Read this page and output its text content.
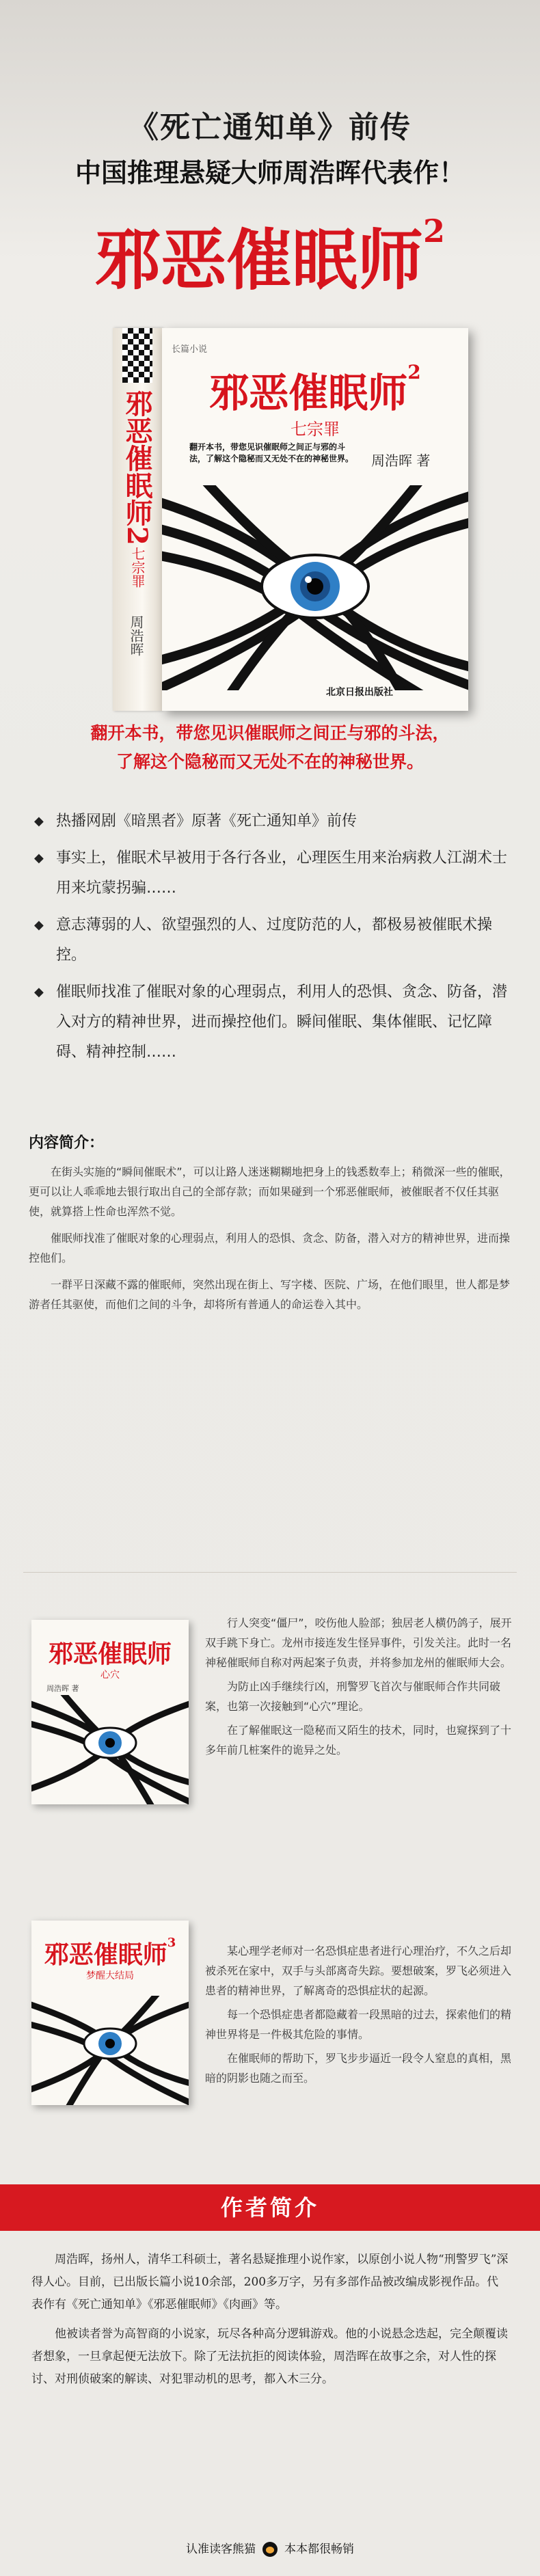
《死亡通知单》前传
中国推理悬疑大师周浩晖代表作！
邪恶催眠师$^2$
邪恶催眠师2
七宗罪
周浩晖
长篇小说
邪恶催眠师$^2$
七宗罪
翻开本书，带您见识催眠师之间正与邪的斗法，了解这个隐秘而又无处不在的神秘世界。	周浩晖 著
北京日报出版社
翻开本书，带您见识催眠师之间正与邪的斗法，
了解这个隐秘而又无处不在的神秘世界。
◆ 热播网剧《暗黑者》原著《死亡通知单》前传
◆ 事实上，催眠术早被用于各行各业，心理医生用来治病救人江湖术士用来坑蒙拐骗……
◆ 意志薄弱的人、欲望强烈的人、过度防范的人，都极易被催眠术操控。
◆ 催眠师找准了催眠对象的心理弱点，利用人的恐惧、贪念、防备，潜入对方的精神世界，进而操控他们。瞬间催眠、集体催眠、记忆障碍、精神控制……
内容简介：

在街头实施的“瞬间催眠术”，可以让路人迷迷糊糊地把身上的钱悉数奉上；稍微深一些的催眠，更可以让人乖乖地去银行取出自己的全部存款；而如果碰到一个邪恶催眠师，被催眠者不仅任其驱使，就算搭上性命也浑然不觉。

催眠师找准了催眠对象的心理弱点，利用人的恐惧、贪念、防备，潜入对方的精神世界，进而操控他们。

一群平日深藏不露的催眠师，突然出现在街上、写字楼、医院、广场，在他们眼里，世人都是梦游者任其驱使，而他们之间的斗争，却将所有普通人的命运卷入其中。

邪恶催眠师
心穴
周浩晖 著

行人突变“僵尸”，咬伤他人脸部；独居老人横仍鸽子，展开双手跳下身亡。龙州市接连发生怪异事件，引发关注。此时一名神秘催眠师自称对两起案子负责，并将参加龙州的催眠师大会。

为防止凶手继续行凶，刑警罗飞首次与催眠师合作共同破案，也第一次接触到“心穴”理论。

在了解催眠这一隐秘而又陌生的技术，同时，也窥探到了十多年前几桩案件的诡异之处。

邪恶催眠师$^3$
梦醒大结局

某心理学老师对一名恐惧症患者进行心理治疗，不久之后却被杀死在家中，双手与头部离奇失踪。要想破案，罗飞必须进入患者的精神世界，了解离奇的恐惧症状的起源。

每一个恐惧症患者都隐藏着一段黑暗的过去，探索他们的精神世界将是一件极其危险的事情。

在催眠师的帮助下，罗飞步步逼近一段令人窒息的真相，黑暗的阴影也随之而至。

作者简介

周浩晖，扬州人，清华工科硕士，著名悬疑推理小说作家，以原创小说人物“刑警罗飞”深得人心。目前，已出版长篇小说10余部，200多万字，另有多部作品被改编成影视作品。代表作有《死亡通知单》《邪恶催眠师》《肉画》等。

他被读者誉为高智商的小说家，玩尽各种高分逻辑游戏。他的小说悬念迭起，完全颠覆读者想象，一旦拿起便无法放下。除了无法抗拒的阅读体验，周浩晖在故事之余，对人性的探讨、对刑侦破案的解读、对犯罪动机的思考，都入木三分。

认准读客熊猫 本本都很畅销
